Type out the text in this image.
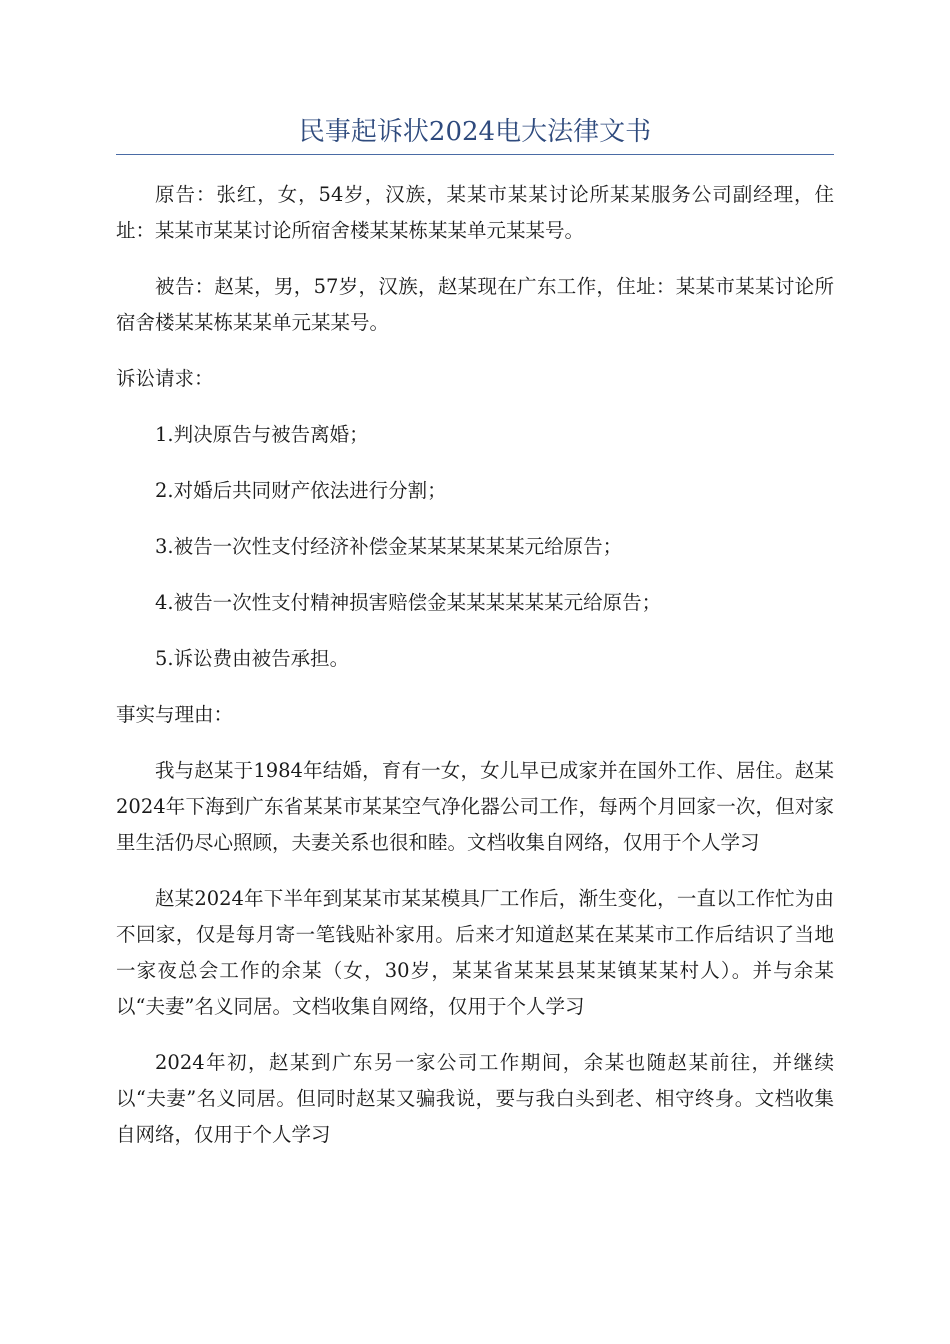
民事起诉状2024电大法律文书

原告：张红，女，54岁，汉族，某某市某某讨论所某某服务公司副经理，住址：某某市某某讨论所宿舍楼某某栋某某单元某某号。

被告：赵某，男，57岁，汉族，赵某现在广东工作，住址：某某市某某讨论所宿舍楼某某栋某某单元某某号。

诉讼请求：

1.判决原告与被告离婚；

2.对婚后共同财产依法进行分割；

3.被告一次性支付经济补偿金某某某某某某元给原告；

4.被告一次性支付精神损害赔偿金某某某某某某元给原告；

5.诉讼费由被告承担。

事实与理由：

我与赵某于1984年结婚，育有一女，女儿早已成家并在国外工作、居住。赵某2024年下海到广东省某某市某某空气净化器公司工作，每两个月回家一次，但对家里生活仍尽心照顾，夫妻关系也很和睦。文档收集自网络，仅用于个人学习

赵某2024年下半年到某某市某某模具厂工作后，渐生变化，一直以工作忙为由不回家，仅是每月寄一笔钱贴补家用。后来才知道赵某在某某市工作后结识了当地一家夜总会工作的余某（女，30岁，某某省某某县某某镇某某村人）。并与余某以“夫妻”名义同居。文档收集自网络，仅用于个人学习

2024年初，赵某到广东另一家公司工作期间，余某也随赵某前往，并继续以“夫妻”名义同居。但同时赵某又骗我说，要与我白头到老、相守终身。文档收集自网络，仅用于个人学习
